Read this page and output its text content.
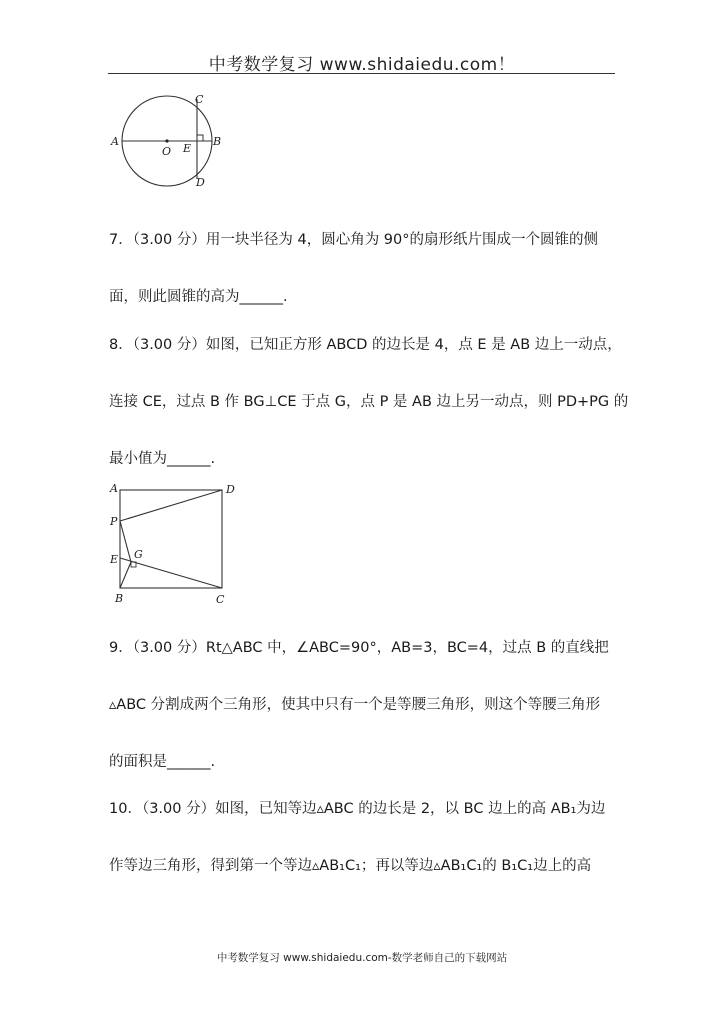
中考数学复习 www.shidaiedu.com！
A
O E
B
C
D
7．（3.00 分）用一块半径为 4，圆心角为 90°的扇形纸片围成一个圆锥的侧
面，则此圆锥的高为______.
8．（3.00 分）如图，已知正方形 ABCD 的边长是 4，点 E 是 AB 边上一动点，
连接 CE，过点 B 作 BG⊥CE 于点 G，点 P 是 AB 边上另一动点，则 PD+PG 的
最小值为______.
A	D
P
E G
B	C
9．（3.00 分）Rt△ABC 中，∠ABC=90°，AB=3，BC=4，过点 B 的直线把
▵ABC 分割成两个三角形，使其中只有一个是等腰三角形，则这个等腰三角形
的面积是______.
10．（3.00 分）如图，已知等边▵ABC 的边长是 2，以 BC 边上的高 AB₁为边
作等边三角形，得到第一个等边▵AB₁C₁；再以等边▵AB₁C₁的 B₁C₁边上的高
中考数学复习 www.shidaiedu.com-数学老师自己的下载网站
